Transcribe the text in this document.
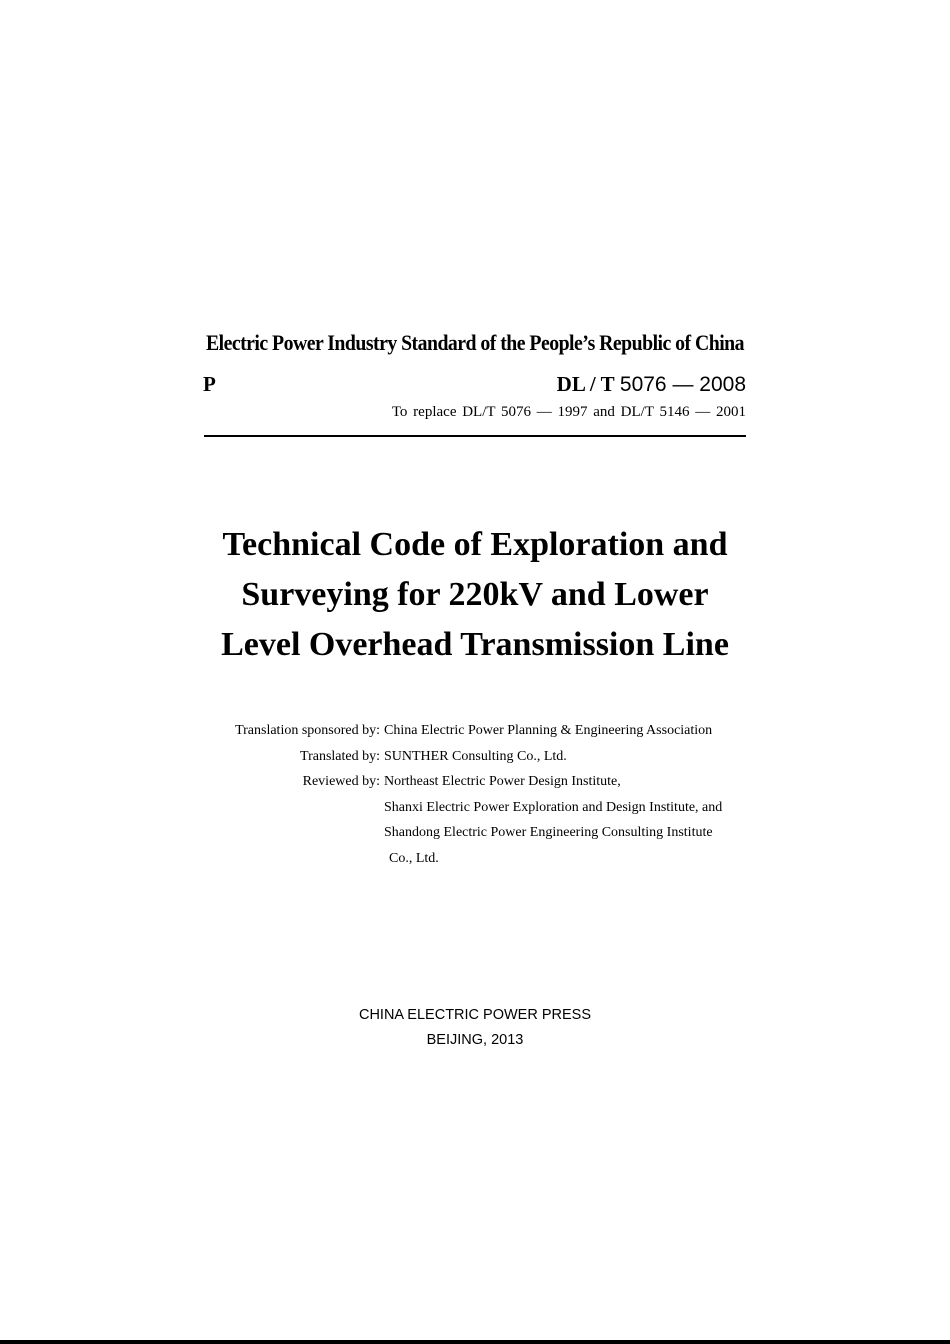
Electric Power Industry Standard of the People’s Republic of China
P	DL / T 5076 — 2008
To replace DL/T 5076 — 1997 and DL/T 5146 — 2001
Technical Code of Exploration and
Surveying for 220kV and Lower
Level Overhead Transmission Line
Translation sponsored by: China Electric Power Planning & Engineering Association
Translated by: SUNTHER Consulting Co., Ltd.
Reviewed by: Northeast Electric Power Design Institute,
Shanxi Electric Power Exploration and Design Institute, and
Shandong Electric Power Engineering Consulting Institute
Co., Ltd.
CHINA ELECTRIC POWER PRESS
BEIJING, 2013
